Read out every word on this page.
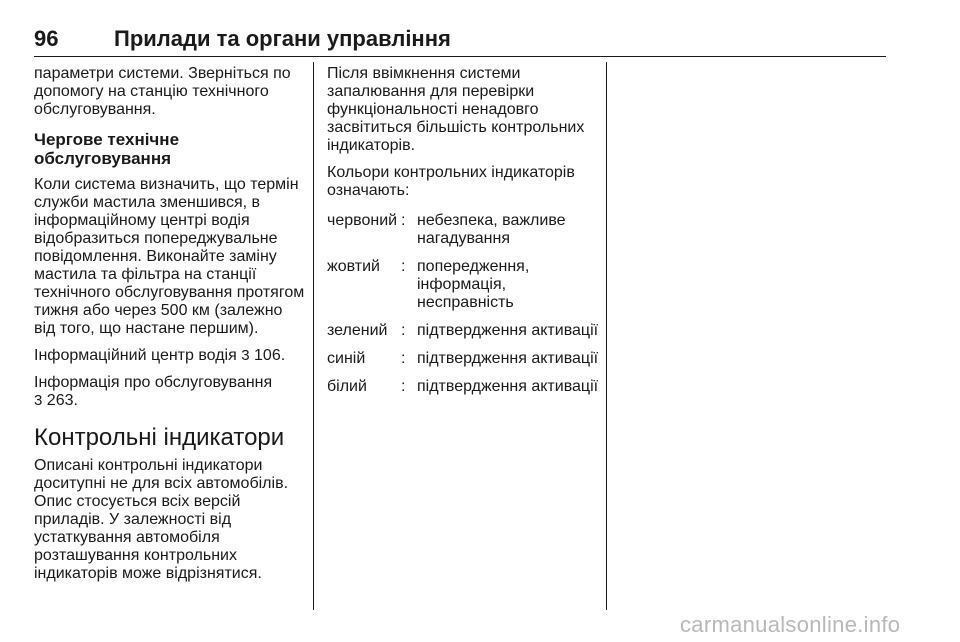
96	Прилади та органи управління

параметри системи. Зверніться по допомогу на станцію технічного обслуговування.

Чергове технічне обслуговування

Коли система визначить, що термін служби мастила зменшився, в інформаційному центрі водія відобразиться попереджувальне повідомлення. Виконайте заміну мастила та фільтра на станції технічного обслуговування протягом тижня або через 500 км (залежно від того, що настане першим).

Інформаційний центр водія 3 106.

Інформація про обслуговування
3 263.

Контрольні індикатори

Описані контрольні індикатори доситупні не для всіх автомобілів. Опис стосується всіх версій приладів. У залежності від устаткування автомобіля розташування контрольних індикаторів може відрізнятися.

Після ввімкнення системи запалювання для перевірки функціональності ненадовго засвітиться більшість контрольних індикаторів.

Кольори контрольних індикаторів означають:

червоний : небезпека, важливе нагадування
жовтий	: попередження, інформація, несправність
зелений : підтвердження активації
синій	: підтвердження активації
білий	: підтвердження активації
carmanualsonline.info
